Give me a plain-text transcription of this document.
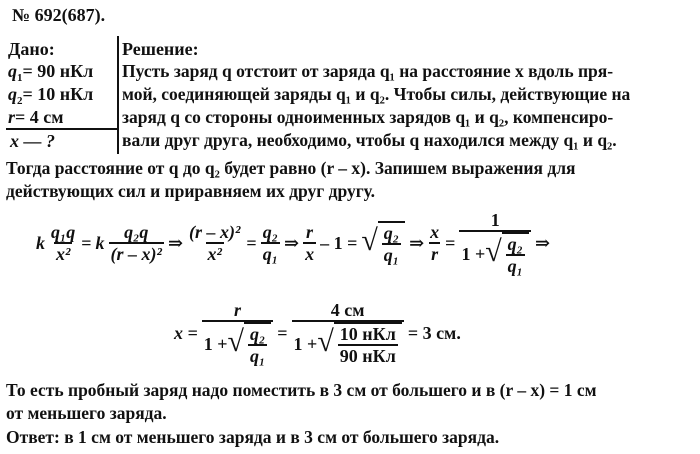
№ 692(687).
Дано:
$q_1= 90$ нКл
$q_2= 10$ нКл
r= 4 см
x — ?
Решение:
Пусть заряд q отстоит от заряда q₁ на расстояние x вдоль пря-
мой, соединяющей заряды q₁ и q₂. Чтобы силы, действующие на
заряд q со стороны одноименных зарядов q₁ и q₂, компенсиро-
вали друг друга, необходимо, чтобы q находился между q₁ и q₂.
Тогда расстояние от q до q₂ будет равно (r – x). Запишем выражения для
действующих сил и приравняем их друг другу.
k $\frac{\text{q₁q}}{\text{x²}} = k \frac{\text{q₂q}}{\text{(r – x)²}}$ ⇒ $\frac{\text{(r – x)²}}{\text{x²}} = \frac{\text{q₂}}{\text{q₁}}$ ⇒ $\frac{r}{x} - 1$ = √ $\frac{\text{q₂}}{\text{q₁}}$ ⇒ $\frac{x}{r} = \frac{1}{1 + √ \frac{\text{q₂}}{\text{q₁}}}$ ⇒
$x = \frac{r}{1 + √ \frac{\text{q₂}}{\text{q₁}}} = \frac{4 см}{1 + √ \frac{\text{10 нКл}}{\text{90 нКл}}} = 3$ см.
То есть пробный заряд надо поместить в 3 см от большего и в (r – x) = 1 см
от меньшего заряда.
Ответ: в 1 см от меньшего заряда и в 3 см от большего заряда.
